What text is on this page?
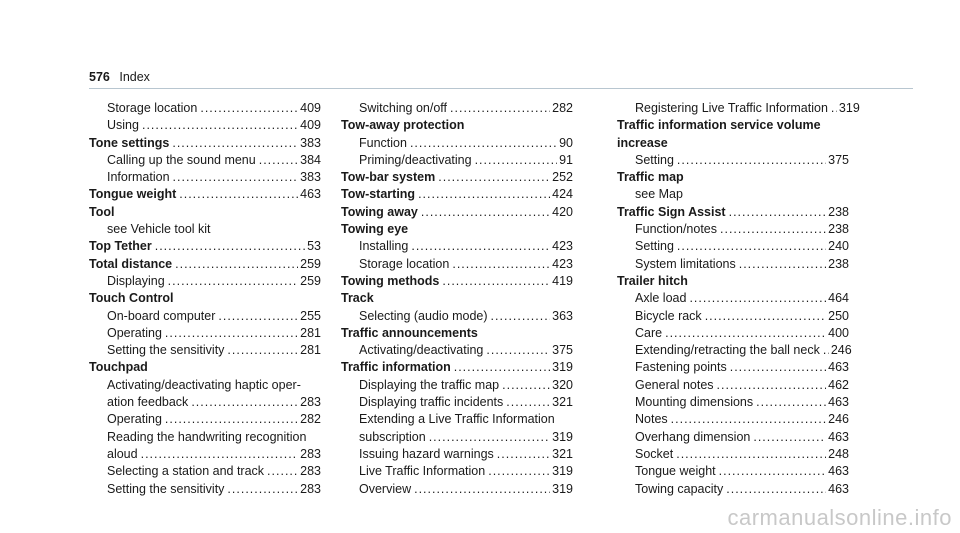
576 Index
Storage location .....	409
Using .....	409
Tone settings .....	383
Calling up the sound menu .....	384
Information .....	383
Tongue weight .....	463
Tool
see Vehicle tool kit
Top Tether .....	53
Total distance .....	259
Displaying .....	259
Touch Control
On-board computer .....	255
Operating .....	281
Setting the sensitivity .....	281
Touchpad
Activating/deactivating haptic oper-
ation feedback .....	283
Operating .....	282
Reading the handwriting recognition
aloud .....	283
Selecting a station and track .....	283
Setting the sensitivity .....	283
Switching on/off .....	282
Tow-away protection
Function .....	90
Priming/deactivating .....	91
Tow-bar system .....	252
Tow-starting .....	424
Towing away .....	420
Towing eye
Installing .....	423
Storage location .....	423
Towing methods .....	419
Track
Selecting (audio mode) .....	363
Traffic announcements
Activating/deactivating .....	375
Traffic information .....	319
Displaying the traffic map .....	320
Displaying traffic incidents .....	321
Extending a Live Traffic Information
subscription .....	319
Issuing hazard warnings .....	321
Live Traffic Information .....	319
Overview .....	319
Registering Live Traffic Information ..... 319
Traffic information service volume
increase
Setting .....	375
Traffic map
see Map
Traffic Sign Assist .....	238
Function/notes .....	238
Setting .....	240
System limitations .....	238
Trailer hitch
Axle load .....	464
Bicycle rack .....	250
Care .....	400
Extending/retracting the ball neck ..... 246
Fastening points .....	463
General notes .....	462
Mounting dimensions .....	463
Notes .....	246
Overhang dimension .....	463
Socket .....	248
Tongue weight .....	463
Towing capacity .....	463
carmanualsonline.info
